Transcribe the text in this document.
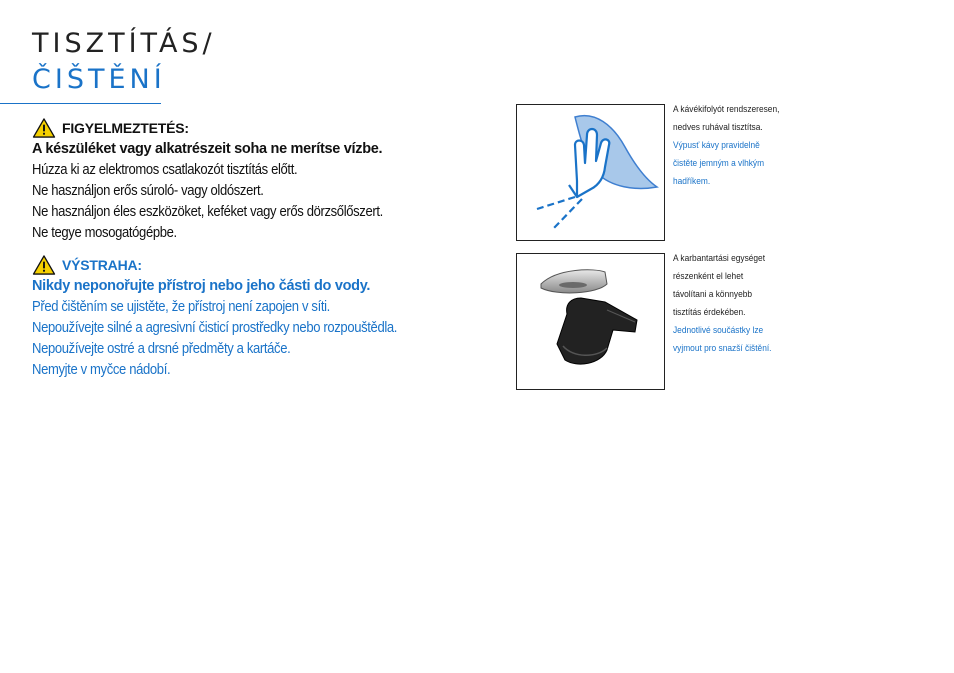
TISZTÍTÁS/
ČIŠTĚNÍ
FIGYELMEZTETÉS:
A készüléket vagy alkatrészeit soha ne merítse vízbe.
Húzza ki az elektromos csatlakozót tisztítás előtt.
Ne használjon erős súroló- vagy oldószert.
Ne használjon éles eszközöket, keféket vagy erős dörzsőlőszert.
Ne tegye mosogatógépbe.
VÝSTRAHA:
Nikdy neponořujte přístroj nebo jeho části do vody.
Před čištěním se ujistěte, že přístroj není zapojen v síti.
Nepoužívejte silné a agresivní čisticí prostředky nebo rozpouštědla.
Nepoužívejte ostré a drsné předměty a kartáče.
Nemyjte v myčce nádobí.
A kávékifolyót rendszeresen,
nedves ruhával tisztítsa.
Výpusť kávy pravidelně
čistěte jemným a vlhkým
hadříkem.
A karbantartási egységet
részenként el lehet
távolítani a könnyebb
tisztítás érdekében.
Jednotlivé součástky lze
vyjmout pro snazší čištění.
